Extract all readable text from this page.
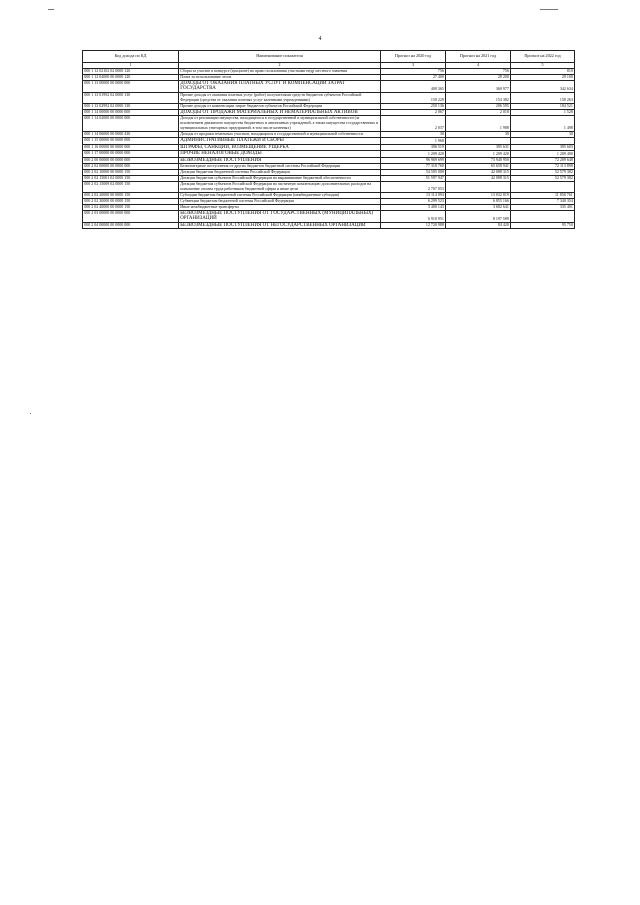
4
Код дохода по КД	Наименование показателя	Прогноз на 2020 год	Прогноз на 2021 год	Прогноз на 2022 год
1	2	3	4	5
000 1 12 02102 02 0000 120	Сборы за участие в конкурсе (аукционе) на право пользования участками недр местного значения	756	756	810
000 1 12 04000 00 0000 120	Плата за использование лесов	27 400	28 200	29 100
000 1 13 00000 00 0000 000	ДОХОДЫ ОТ ОКАЗАНИЯ ПЛАТНЫХ УСЛУГ И КОМПЕНСАЦИИ ЗАТРАТ ГОСУДАРСТВА	400 365	360 977	342 634
000 1 13 01992 02 0000 130	Прочие доходы от оказания платных услуг (работ) получателями средств бюджетов субъектов Российской Федерации (средства от оказания платных услуг казенными учреждениями)	150 229	154 382	158 263
000 1 13 02992 02 0000 130	Прочие доходы от компенсации затрат бюджетов субъектов Российской Федерации	250 136	206 595	184 521
000 1 14 00000 00 0000 000	ДОХОДЫ ОТ ПРОДАЖИ МАТЕРИАЛЬНЫХ И НЕМАТЕРИАЛЬНЫХ АКТИВОВ	2 067	2 018	1 528
000 1 14 02000 00 0000 000	Доходы от реализации имущества, находящегося в государственной и муниципальной собственности (за исключением движимого имущества бюджетных и автономных учреждений, а также имущества государственных и муниципальных унитарных предприятий, в том числе казенных)	2 037	1 988	1 498
000 1 14 06000 00 0000 430	Доходы от продажи земельных участков, находящихся в государственной и муниципальной собственности	30	30	30
000 1 15 00000 00 0000 000	АДМИНИСТРАТИВНЫЕ ПЛАТЕЖИ И СБОРЫ	1 968		
000 1 16 00000 00 0000 000	ШТРАФЫ, САНКЦИИ, ВОЗМЕЩЕНИЕ УЩЕРБА	396 519	395 631	395 603
000 1 17 00000 00 0000 000	ПРОЧИЕ НЕНАЛОГОВЫЕ ДОХОДЫ	1 209 420	1 209 420	1 209 400
000 2 00 00000 00 0000 000	БЕЗВОЗМЕЗДНЫЕ ПОСТУПЛЕНИЯ	96 969 699	73 940 950	72 209 648
000 2 02 00000 00 0000 000	Безвозмездные поступления от других бюджетов бюджетной системы Российской Федерации	77 318 760	65 658 941	72 113 898
000 2 02 10000 00 0000 150	Дотации бюджетам бюджетной системы Российской Федерации	54 505 000	42 088 315	52 579 382
000 2 02 15001 02 0000 150	Дотации бюджетам субъектов Российской Федерации на выравнивание бюджетной обеспеченности	51 597 947	42 088 315	52 579 382
000 2 02 15009 02 0000 150	Дотации бюджетам субъектов Российской Федерации на частичную компенсацию дополнительных расходов на повышение оплаты труда работников бюджетной сферы и иные цели	2 707 053		
000 2 02 20000 00 0000 150	Субсидии бюджетам бюджетной системы Российской Федерации (межбюджетные субсидии)	13 114 094	13 032 819	11 858 761
000 2 02 30000 00 0000 150	Субвенции бюджетам бюджетной системы Российской Федерации	6 299 523	6 855 166	7 340 354
000 2 02 40000 00 0000 150	Иные межбюджетные трансферты	3 400 143	3 682 641	335 401
000 2 03 00000 00 0000 000	БЕЗВОЗМЕЗДНЫЕ ПОСТУПЛЕНИЯ ОТ ГОСУДАРСТВЕННЫХ (МУНИЦИПАЛЬНЫХ) ОРГАНИЗАЦИЙ	6 910 951	8 197 589	
000 2 04 00000 00 0000 000	БЕЗВОЗМЕЗДНЫЕ ПОСТУПЛЕНИЯ ОТ НЕГОСУДАРСТВЕННЫХ ОРГАНИЗАЦИЙ	12 720 988	84 420	95 750
